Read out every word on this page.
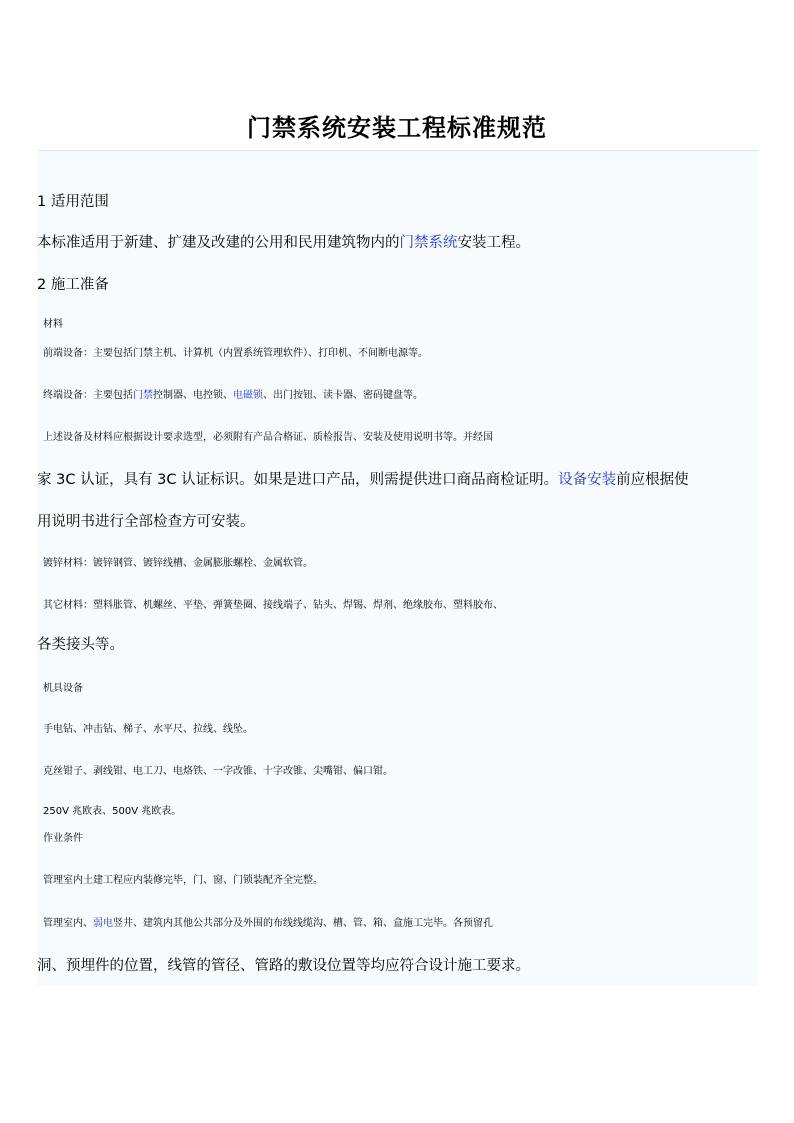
门禁系统安装工程标准规范
1 适用范围
本标准适用于新建、扩建及改建的公用和民用建筑物内的门禁系统安装工程。
2 施工准备
材料
前端设备：主要包括门禁主机、计算机（内置系统管理软件）、打印机、不间断电源等。
终端设备：主要包括门禁控制器、电控锁、电磁锁、出门按钮、读卡器、密码键盘等。
上述设备及材料应根据设计要求选型，必须附有产品合格证、质检报告、安装及使用说明书等。并经国
家 3C 认证，具有 3C 认证标识。如果是进口产品，则需提供进口商品商检证明。设备安装前应根据使
用说明书进行全部检查方可安装。
镀锌材料：镀锌钢管、镀锌线槽、金属膨胀螺栓、金属软管。
其它材料：塑料胀管、机螺丝、平垫、弹簧垫圈、接线端子、钻头、焊锡、焊剂、绝缘胶布、塑料胶布、
各类接头等。
机具设备
手电钻、冲击钻、梯子、水平尺、拉线、线坠。
克丝钳子、剥线钳、电工刀、电烙铁、一字改锥、十字改锥、尖嘴钳、偏口钳。
250V 兆欧表、500V 兆欧表。
作业条件
管理室内土建工程应内装修完毕，门、窗、门锁装配齐全完整。
管理室内、弱电竖井、建筑内其他公共部分及外围的布线线缆沟、槽、管、箱、盒施工完毕。各预留孔
洞、预埋件的位置，线管的管径、管路的敷设位置等均应符合设计施工要求。
